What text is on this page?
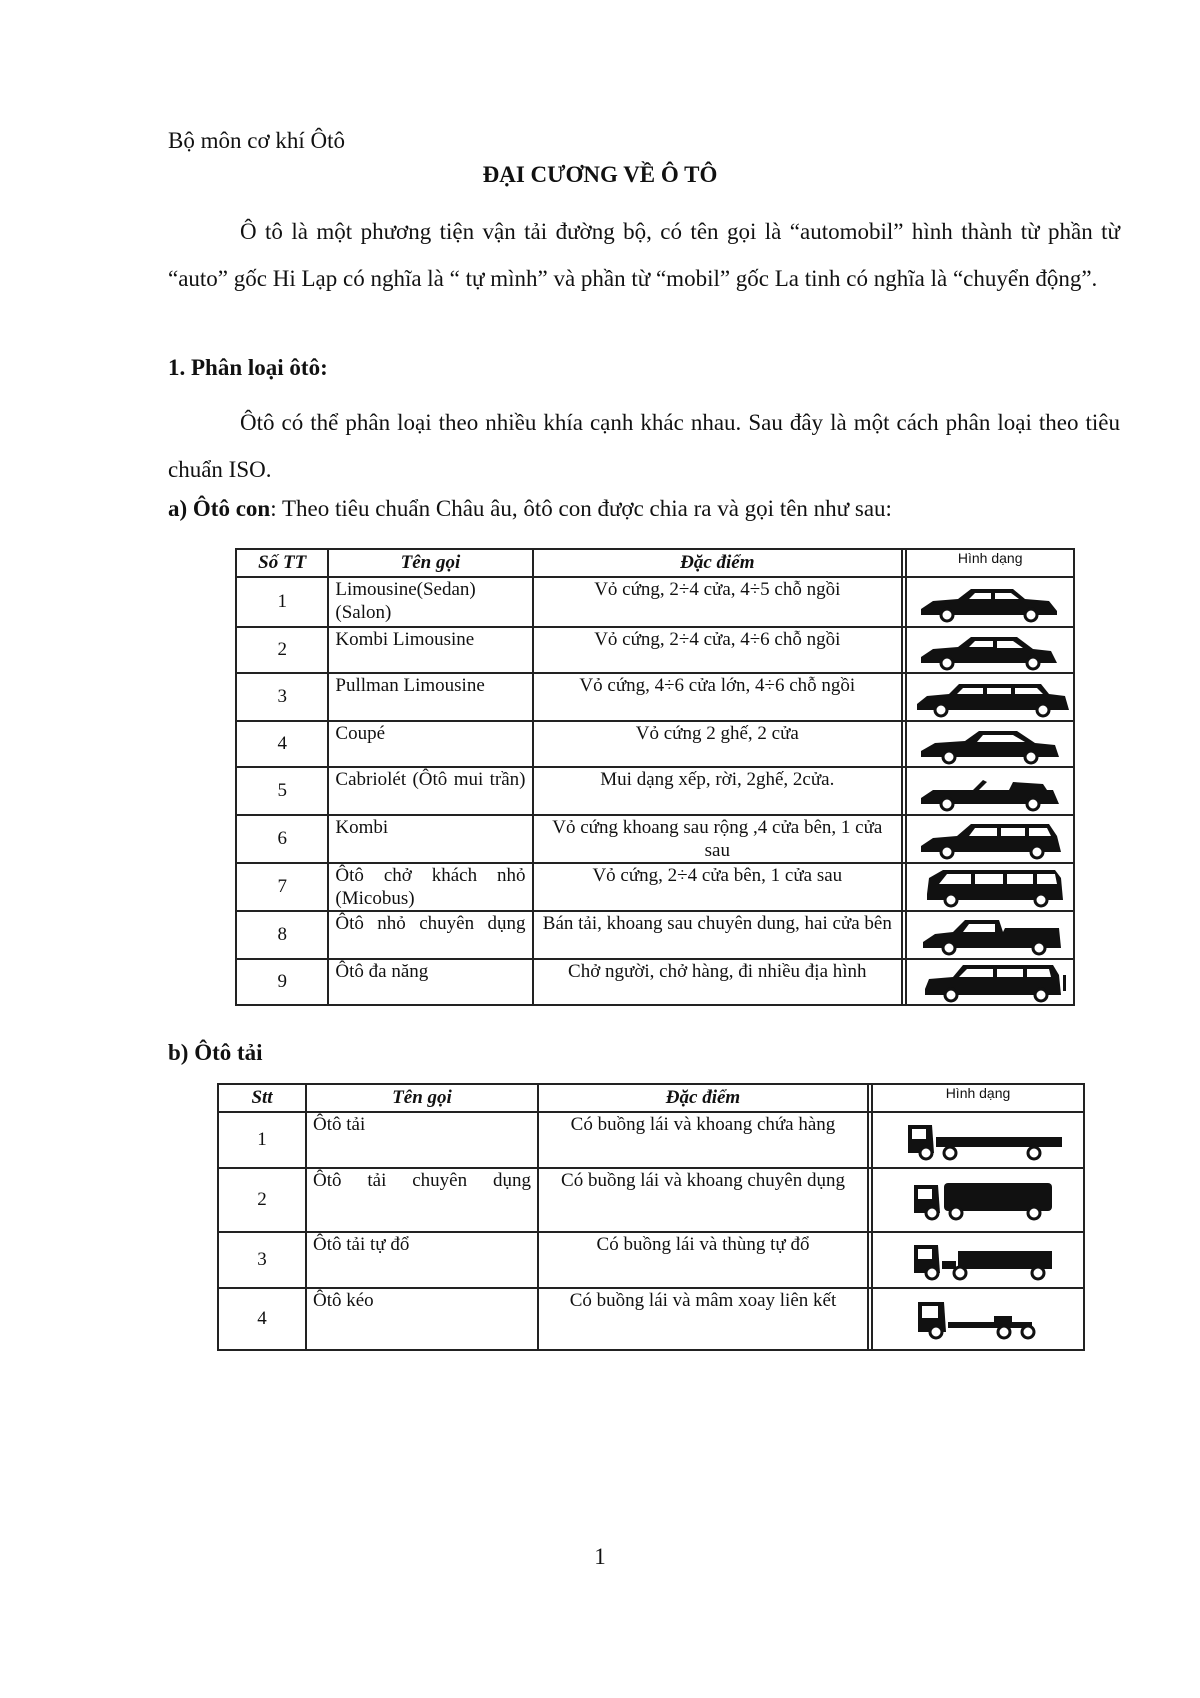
Bộ môn cơ khí Ôtô
ĐẠI CƯƠNG VỀ Ô TÔ
Ô tô là một phương tiện vận tải đường bộ, có tên gọi là “automobil” hình thành từ phần từ “auto” gốc Hi Lạp có nghĩa là “ tự mình” và phần từ “mobil” gốc La tinh có nghĩa là “chuyển động”.
1. Phân loại ôtô:
Ôtô có thể phân loại theo nhiều khía cạnh khác nhau. Sau đây là một cách phân loại theo tiêu chuẩn ISO.
a) Ôtô con: Theo tiêu chuẩn Châu âu, ôtô con được chia ra và gọi tên như sau:
Số TT	Tên gọi	Đặc điểm		Hình dạng
1	Limousine(Sedan) (Salon)	Vỏ cứng, 2÷4 cửa, 4÷5 chỗ ngồi		

2	Kombi Limousine	Vỏ cứng, 2÷4 cửa, 4÷6 chỗ ngồi		

3	Pullman Limousine	Vỏ cứng, 4÷6 cửa lớn, 4÷6 chỗ ngồi		

4	Coupé	Vỏ cứng 2 ghế, 2 cửa		

5	Cabriolét (Ôtô mui trần)	Mui dạng xếp, rời, 2ghế, 2cửa.		

6	Kombi	Vỏ cứng khoang sau rộng ,4 cửa bên, 1 cửa sau		

7	Ôtô chở khách nhỏ (Micobus)	Vỏ cứng, 2÷4 cửa bên, 1 cửa sau		

8	Ôtô nhỏ chuyên dụng	Bán tải, khoang sau chuyên dung, hai cửa bên		

9	Ôtô đa năng	Chở người, chở hàng, đi nhiều địa hình		
b) Ôtô tải
Stt	Tên gọi	Đặc điểm		Hình dạng
1	Ôtô tải	Có buồng lái và khoang chứa hàng		

2	Ôtô tải chuyên dụng	Có buồng lái và khoang chuyên dụng		

3	Ôtô tải tự đổ	Có buồng lái và thùng tự đổ		

4	Ôtô kéo	Có buồng lái và mâm xoay liên kết		
1
